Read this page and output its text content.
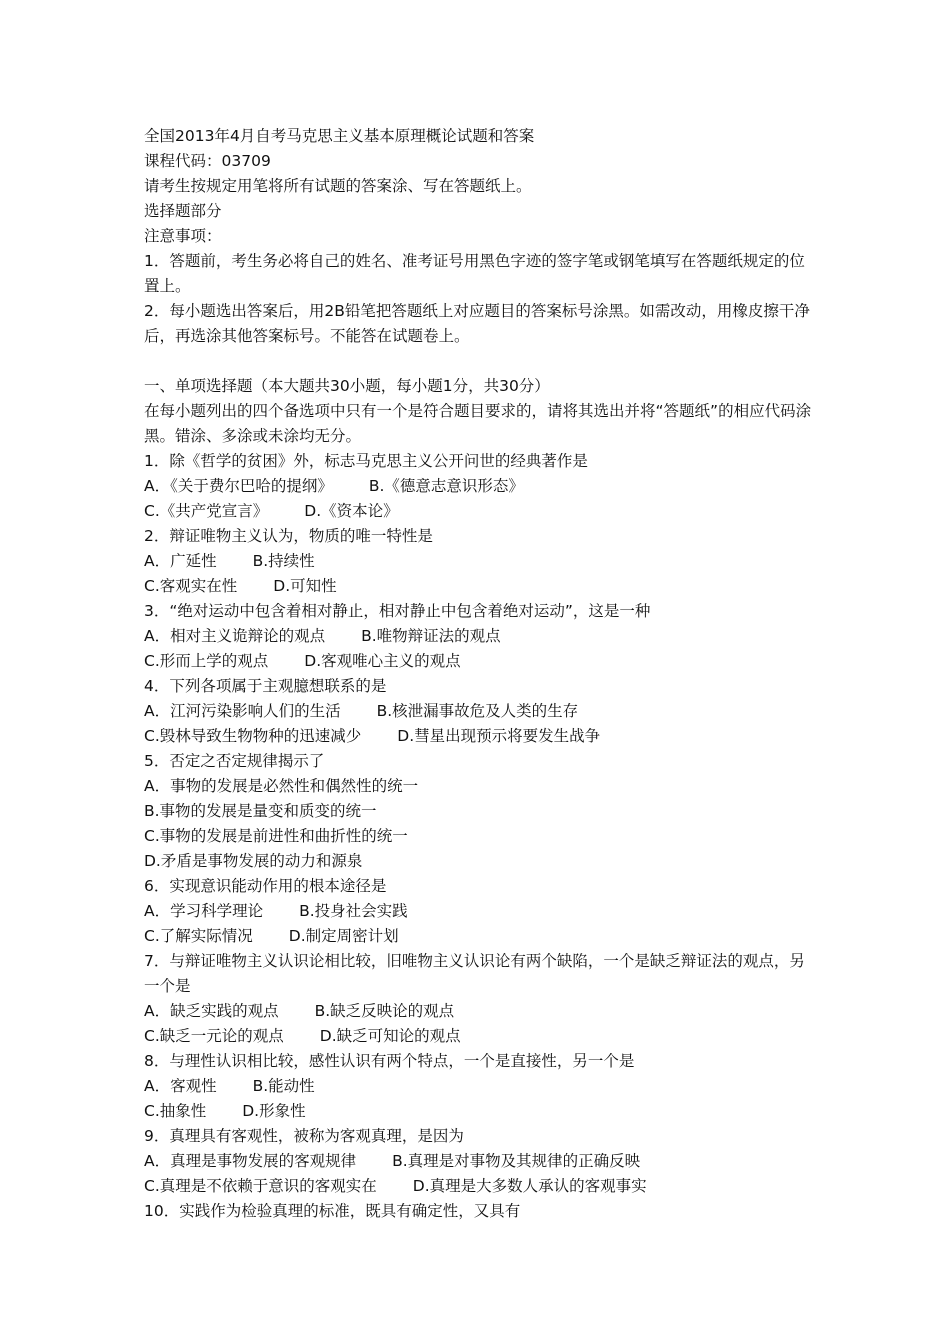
全国2013年4月自考马克思主义基本原理概论试题和答案

课程代码：03709

请考生按规定用笔将所有试题的答案涂、写在答题纸上。

选择题部分

注意事项：

1．答题前，考生务必将自己的姓名、准考证号用黑色字迹的签字笔或钢笔填写在答题纸规定的位置上。

2．每小题选出答案后，用2B铅笔把答题纸上对应题目的答案标号涂黑。如需改动，用橡皮擦干净后，再选涂其他答案标号。不能答在试题卷上。

一、单项选择题（本大题共30小题，每小题1分，共30分）

在每小题列出的四个备选项中只有一个是符合题目要求的，请将其选出并将“答题纸”的相应代码涂黑。错涂、多涂或未涂均无分。

1．除《哲学的贫困》外，标志马克思主义公开问世的经典著作是

A．《关于费尔巴哈的提纲》 B.《德意志意识形态》

C.《共产党宣言》 D.《资本论》

2．辩证唯物主义认为，物质的唯一特性是

A．广延性 B.持续性

C.客观实在性 D.可知性

3．“绝对运动中包含着相对静止，相对静止中包含着绝对运动”，这是一种

A．相对主义诡辩论的观点 B.唯物辩证法的观点

C.形而上学的观点 D.客观唯心主义的观点

4．下列各项属于主观臆想联系的是

A．江河污染影响人们的生活 B.核泄漏事故危及人类的生存

C.毁林导致生物物种的迅速减少 D.彗星出现预示将要发生战争

5．否定之否定规律揭示了

A．事物的发展是必然性和偶然性的统一

B.事物的发展是量变和质变的统一

C.事物的发展是前进性和曲折性的统一

D.矛盾是事物发展的动力和源泉

6．实现意识能动作用的根本途径是

A．学习科学理论 B.投身社会实践

C.了解实际情况 D.制定周密计划

7．与辩证唯物主义认识论相比较，旧唯物主义认识论有两个缺陷，一个是缺乏辩证法的观点，另一个是

A．缺乏实践的观点 B.缺乏反映论的观点

C.缺乏一元论的观点 D.缺乏可知论的观点

8．与理性认识相比较，感性认识有两个特点，一个是直接性，另一个是

A．客观性 B.能动性

C.抽象性 D.形象性

9．真理具有客观性，被称为客观真理，是因为

A．真理是事物发展的客观规律 B.真理是对事物及其规律的正确反映

C.真理是不依赖于意识的客观实在 D.真理是大多数人承认的客观事实

10．实践作为检验真理的标准，既具有确定性，又具有
